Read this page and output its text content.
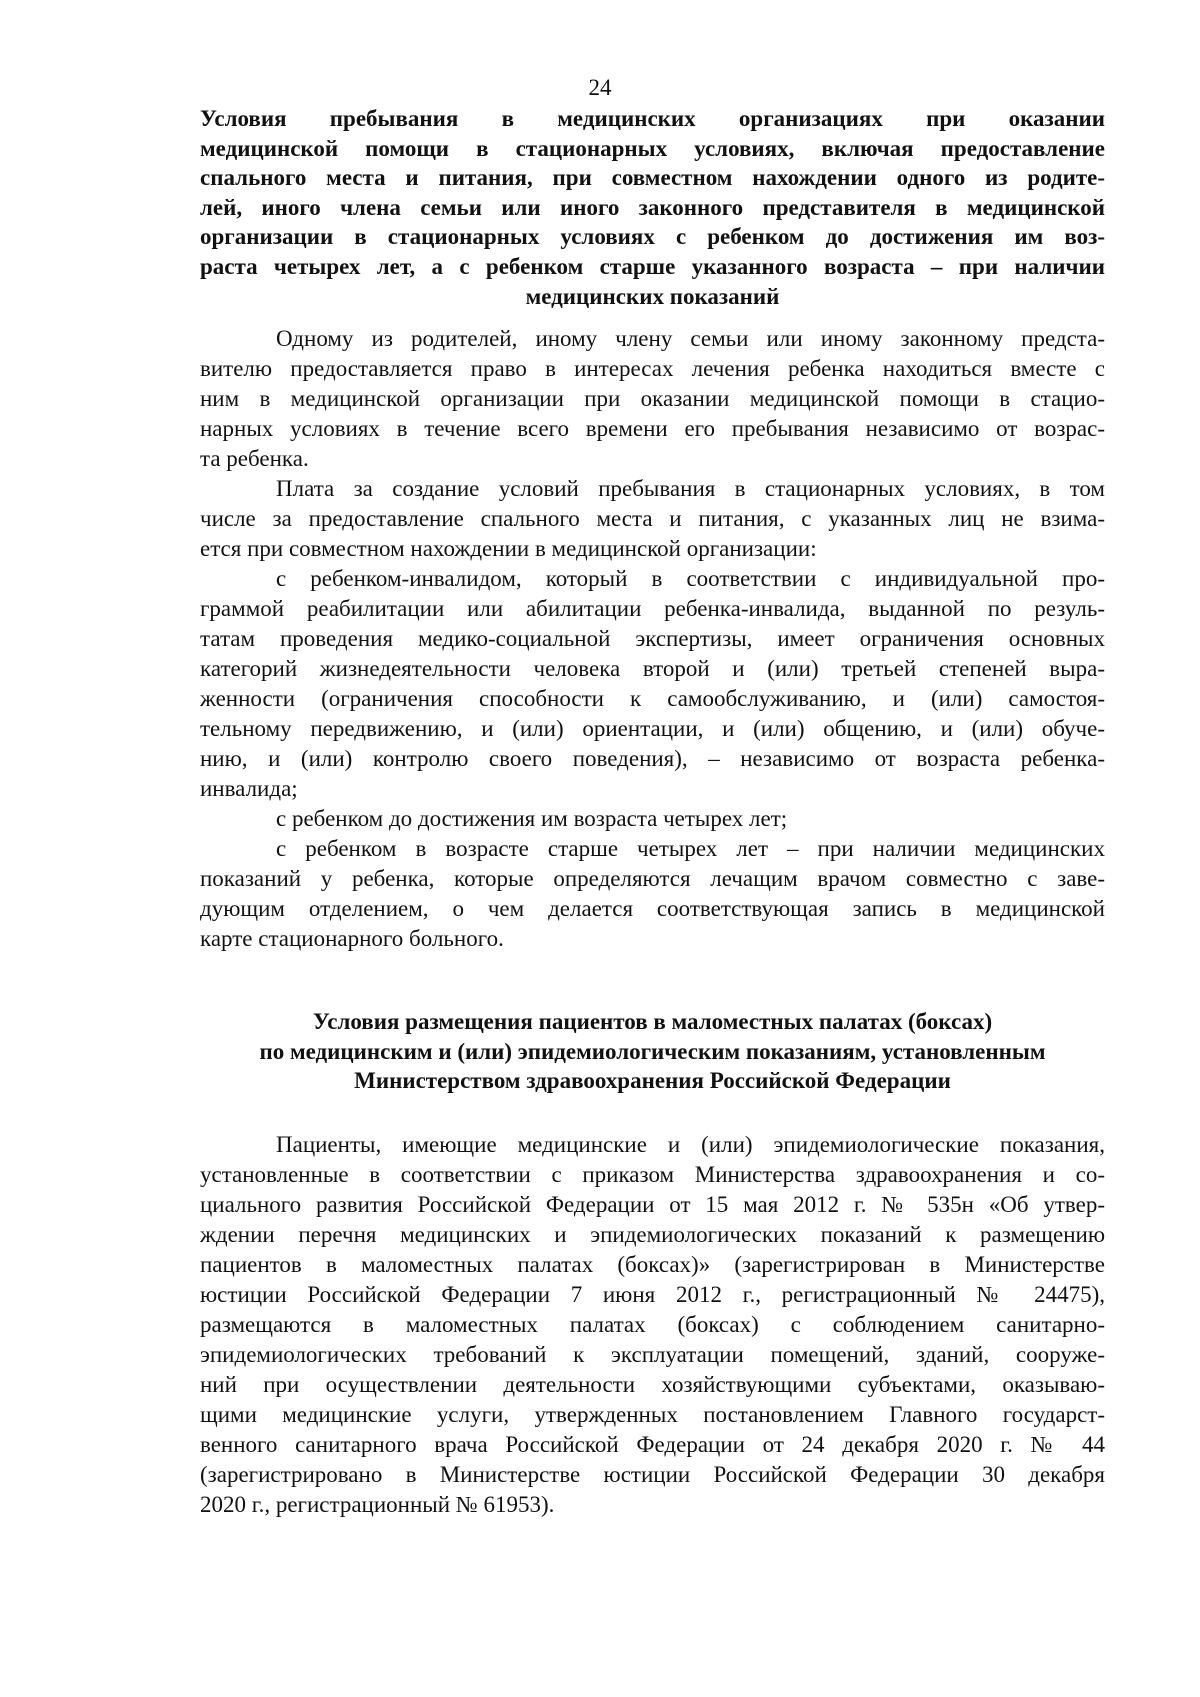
24
Условия пребывания в медицинских организациях при оказании
медицинской помощи в стационарных условиях, включая предоставление
спального места и питания, при совместном нахождении одного из родите-
лей, иного члена семьи или иного законного представителя в медицинской
организации в стационарных условиях с ребенком до достижения им воз-
раста четырех лет, а с ребенком старше указанного возраста – при наличии
медицинских показаний

Одному из родителей, иному члену семьи или иному законному предста-
вителю предоставляется право в интересах лечения ребенка находиться вместе с
ним в медицинской организации при оказании медицинской помощи в стацио-
нарных условиях в течение всего времени его пребывания независимо от возрас-
та ребенка.

Плата за создание условий пребывания в стационарных условиях, в том
числе за предоставление спального места и питания, с указанных лиц не взима-
ется при совместном нахождении в медицинской организации:

с ребенком-инвалидом, который в соответствии с индивидуальной про-
граммой реабилитации или абилитации ребенка-инвалида, выданной по резуль-
татам проведения медико-социальной экспертизы, имеет ограничения основных
категорий жизнедеятельности человека второй и (или) третьей степеней выра-
женности (ограничения способности к самообслуживанию, и (или) самостоя-
тельному передвижению, и (или) ориентации, и (или) общению, и (или) обуче-
нию, и (или) контролю своего поведения), – независимо от возраста ребенка-
инвалида;

с ребенком до достижения им возраста четырех лет;

с ребенком в возрасте старше четырех лет – при наличии медицинских
показаний у ребенка, которые определяются лечащим врачом совместно с заве-
дующим отделением, о чем делается соответствующая запись в медицинской
карте стационарного больного.

Условия размещения пациентов в маломестных палатах (боксах)
по медицинским и (или) эпидемиологическим показаниям, установленным
Министерством здравоохранения Российской Федерации

Пациенты, имеющие медицинские и (или) эпидемиологические показания,
установленные в соответствии с приказом Министерства здравоохранения и со-
циального развития Российской Федерации от 15 мая 2012 г. № 535н «Об утвер-
ждении перечня медицинских и эпидемиологических показаний к размещению
пациентов в маломестных палатах (боксах)» (зарегистрирован в Министерстве
юстиции Российской Федерации 7 июня 2012 г., регистрационный № 24475),
размещаются в маломестных палатах (боксах) с соблюдением санитарно-
эпидемиологических требований к эксплуатации помещений, зданий, сооруже-
ний при осуществлении деятельности хозяйствующими субъектами, оказываю-
щими медицинские услуги, утвержденных постановлением Главного государст-
венного санитарного врача Российской Федерации от 24 декабря 2020 г. № 44
(зарегистрировано в Министерстве юстиции Российской Федерации 30 декабря
2020 г., регистрационный № 61953).
